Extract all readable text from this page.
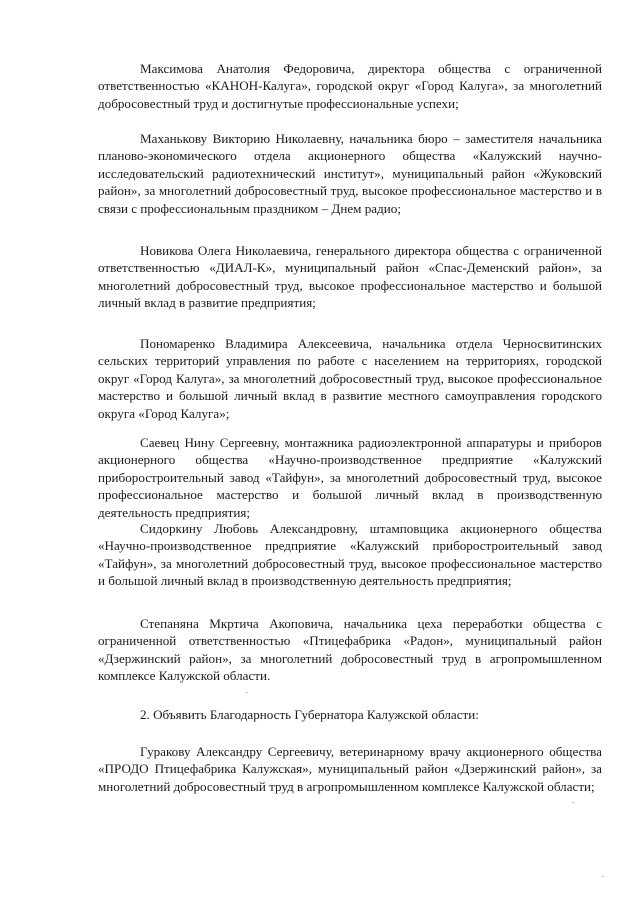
Максимова Анатолия Федоровича, директора общества с ограниченной ответственностью «КАНОН-Калуга», городской округ «Город Калуга», за многолетний добросовестный труд и достигнутые профессиональные успехи;

Маханькову Викторию Николаевну, начальника бюро – заместителя начальника планово-экономического отдела акционерного общества «Калужский научно-исследовательский радиотехнический институт», муниципальный район «Жуковский район», за многолетний добросовестный труд, высокое профессиональное мастерство и в связи с профессиональным праздником – Днем радио;

Новикова Олега Николаевича, генерального директора общества с ограниченной ответственностью «ДИАЛ-К», муниципальный район «Спас-Деменский район», за многолетний добросовестный труд, высокое профессиональное мастерство и большой личный вклад в развитие предприятия;

Пономаренко Владимира Алексеевича, начальника отдела Черносвитинских сельских территорий управления по работе с населением на территориях, городской округ «Город Калуга», за многолетний добросовестный труд, высокое профессиональное мастерство и большой личный вклад в развитие местного самоуправления городского округа «Город Калуга»;

Саевец Нину Сергеевну, монтажника радиоэлектронной аппаратуры и приборов акционерного общества «Научно-производственное предприятие «Калужский приборостроительный завод «Тайфун», за многолетний добросовестный труд, высокое профессиональное мастерство и большой личный вклад в производственную деятельность предприятия;

Сидоркину Любовь Александровну, штамповщика акционерного общества «Научно-производственное предприятие «Калужский приборостроительный завод «Тайфун», за многолетний добросовестный труд, высокое профессиональное мастерство и большой личный вклад в производственную деятельность предприятия;

Степаняна Мкртича Акоповича, начальника цеха переработки общества с ограниченной ответственностью «Птицефабрика «Радон», муниципальный район «Дзержинский район», за многолетний добросовестный труд в агропромышленном комплексе Калужской области.

2. Объявить Благодарность Губернатора Калужской области:

Гуракову Александру Сергеевичу, ветеринарному врачу акционерного общества «ПРОДО Птицефабрика Калужская», муниципальный район «Дзержинский район», за многолетний добросовестный труд в агропромышленном комплексе Калужской области;
